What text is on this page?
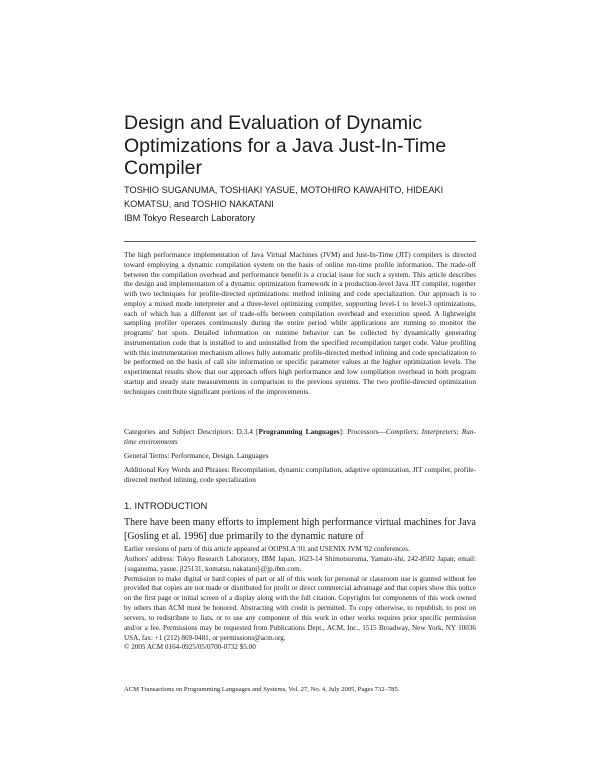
Design and Evaluation of Dynamic Optimizations for a Java Just-In-Time Compiler
TOSHIO SUGANUMA, TOSHIAKI YASUE, MOTOHIRO KAWAHITO, HIDEAKI KOMATSU, and TOSHIO NAKATANI
IBM Tokyo Research Laboratory
The high performance implementation of Java Virtual Machines (JVM) and Just-In-Time (JIT) compilers is directed toward employing a dynamic compilation system on the basis of online run-time profile information. The trade-off between the compilation overhead and performance benefit is a crucial issue for such a system. This article describes the design and implementation of a dynamic optimization framework in a production-level Java JIT compiler, together with two techniques for profile-directed optimizations: method inlining and code specialization. Our approach is to employ a mixed mode interpreter and a three-level optimizing compiler, supporting level-1 to level-3 optimizations, each of which has a different set of trade-offs between compilation overhead and execution speed. A lightweight sampling profiler operates continuously during the entire period while applications are running to monitor the programs' hot spots. Detailed information on runtime behavior can be collected by dynamically generating instrumentation code that is installed to and uninstalled from the specified recompilation target code. Value profiling with this instrumentation mechanism allows fully automatic profile-directed method inlining and code specialization to be performed on the basis of call site information or specific parameter values at the higher optimization levels. The experimental results show that our approach offers high performance and low compilation overhead in both program startup and steady state measurements in comparison to the previous systems. The two profile-directed optimization techniques contribute significant portions of the improvements.
Categories and Subject Descriptors: D.3.4 [Programming Languages]: Processors—Compilers; Interpreters; Run-time environments
General Terms: Performance, Design, Languages
Additional Key Words and Phrases: Recompilation, dynamic compilation, adaptive optimization, JIT compiler, profile-directed method inlining, code specialization
1. INTRODUCTION
There have been many efforts to implement high performance virtual machines for Java [Gosling et al. 1996] due primarily to the dynamic nature of
Earlier versions of parts of this article appeared at OOPSLA '01 and USENIX JVM '02 conferences.
Authors' address: Tokyo Research Laboratory, IBM Japan, 1623-14 Shimotsuruma, Yamato-shi, 242-8502 Japan; email: {suganuma, yasue, jl25131, komatsu, nakatani}@jp.ibm.com.
Permission to make digital or hard copies of part or all of this work for personal or classroom use is granted without fee provided that copies are not made or distributed for profit or direct commercial advantage and that copies show this notice on the first page or initial screen of a display along with the full citation. Copyrights for components of this work owned by others than ACM must be honored. Abstracting with credit is permitted. To copy otherwise, to republish, to post on servers, to redistribute to lists, or to use any component of this work in other works requires prior specific permission and/or a fee. Permissions may be requested from Publications Dept., ACM, Inc., 1515 Broadway, New York, NY 10036 USA, fax: +1 (212) 869-0481, or permissions@acm.org.
© 2005 ACM 0164-0925/05/0700-0732 $5.00
ACM Transactions on Programming Languages and Systems, Vol. 27, No. 4, July 2005, Pages 732–785.
